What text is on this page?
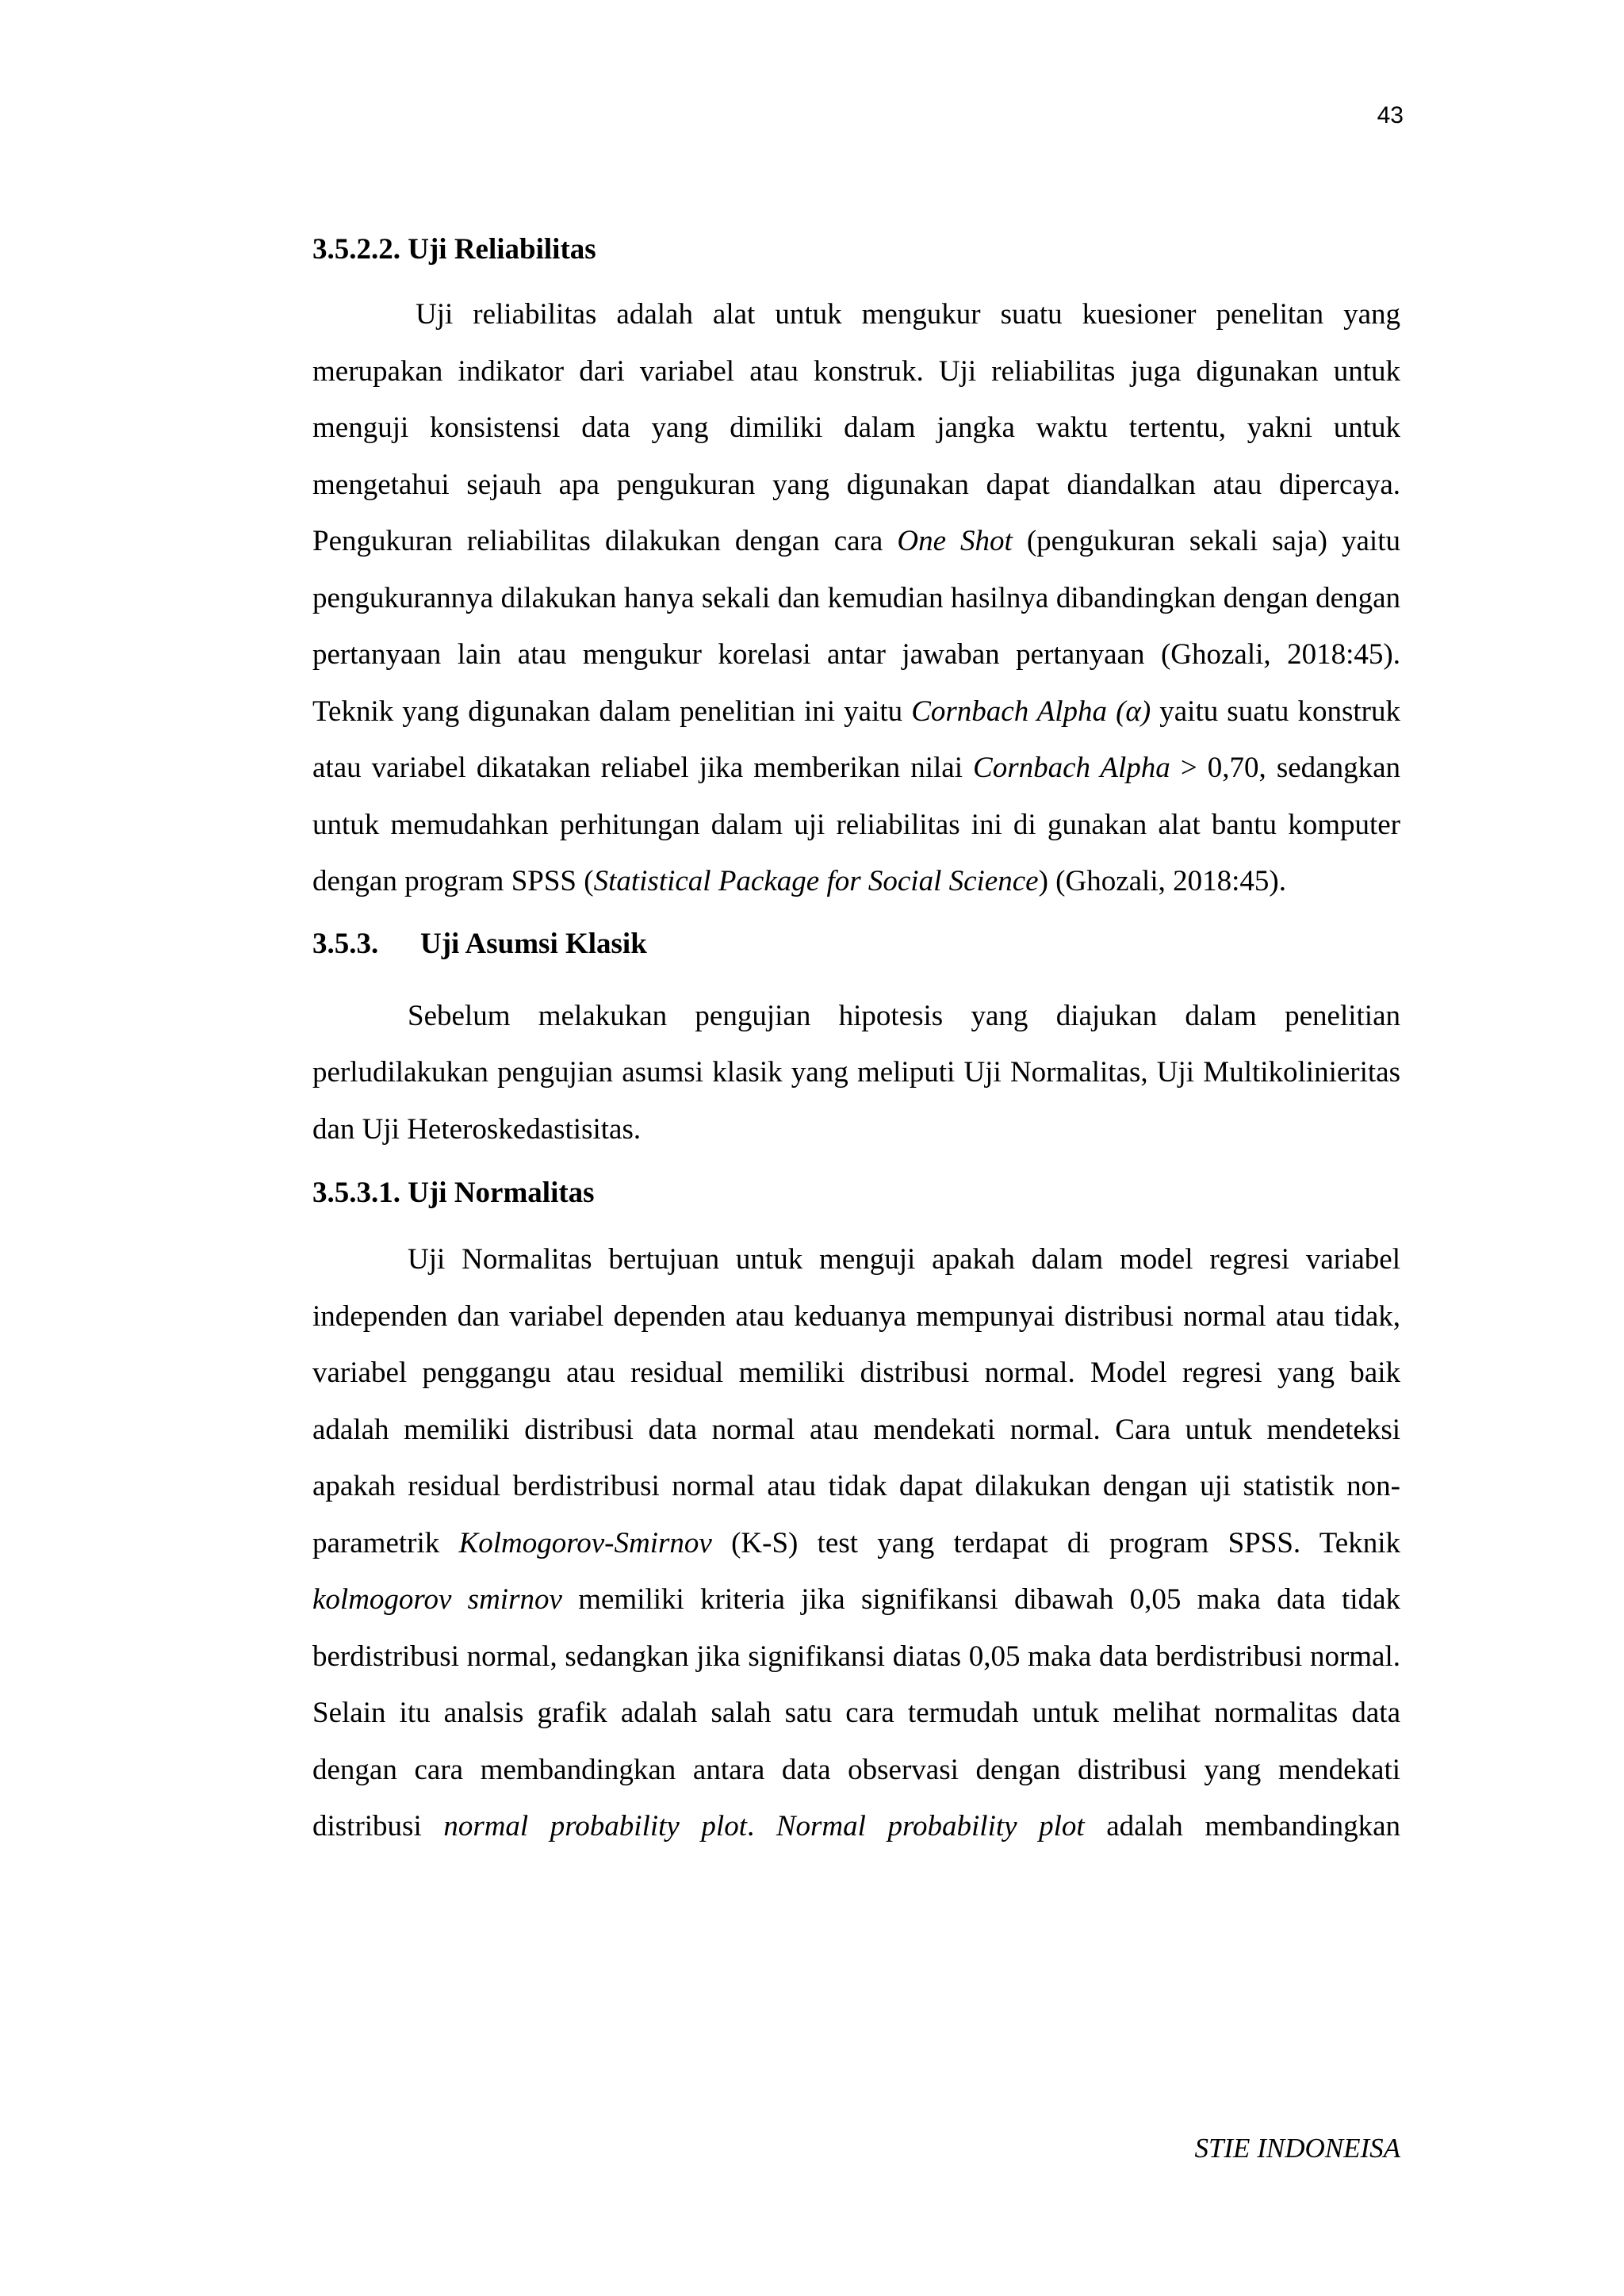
43

3.5.2.2. Uji Reliabilitas

Uji reliabilitas adalah alat untuk mengukur suatu kuesioner penelitan yang merupakan indikator dari variabel atau konstruk. Uji reliabilitas juga digunakan untuk menguji konsistensi data yang dimiliki dalam jangka waktu tertentu, yakni untuk mengetahui sejauh apa pengukuran yang digunakan dapat diandalkan atau dipercaya. Pengukuran reliabilitas dilakukan dengan cara One Shot (pengukuran sekali saja) yaitu pengukurannya dilakukan hanya sekali dan kemudian hasilnya dibandingkan dengan dengan pertanyaan lain atau mengukur korelasi antar jawaban pertanyaan (Ghozali, 2018:45). Teknik yang digunakan dalam penelitian ini yaitu Cornbach Alpha (α) yaitu suatu konstruk atau variabel dikatakan reliabel jika memberikan nilai Cornbach Alpha > 0,70, sedangkan untuk memudahkan perhitungan dalam uji reliabilitas ini di gunakan alat bantu komputer dengan program SPSS (Statistical Package for Social Science) (Ghozali, 2018:45).

3.5.3. Uji Asumsi Klasik

Sebelum melakukan pengujian hipotesis yang diajukan dalam penelitian perludilakukan pengujian asumsi klasik yang meliputi Uji Normalitas, Uji Multikolinieritas dan Uji Heteroskedastisitas.

3.5.3.1. Uji Normalitas

Uji Normalitas bertujuan untuk menguji apakah dalam model regresi variabel independen dan variabel dependen atau keduanya mempunyai distribusi normal atau tidak, variabel penggangu atau residual memiliki distribusi normal. Model regresi yang baik adalah memiliki distribusi data normal atau mendekati normal. Cara untuk mendeteksi apakah residual berdistribusi normal atau tidak dapat dilakukan dengan uji statistik non-parametrik Kolmogorov-Smirnov (K-S) test yang terdapat di program SPSS. Teknik kolmogorov smirnov memiliki kriteria jika signifikansi dibawah 0,05 maka data tidak berdistribusi normal, sedangkan jika signifikansi diatas 0,05 maka data berdistribusi normal. Selain itu analsis grafik adalah salah satu cara termudah untuk melihat normalitas data dengan cara membandingkan antara data observasi dengan distribusi yang mendekati distribusi normal probability plot. Normal probability plot adalah membandingkan

STIE INDONEISA
